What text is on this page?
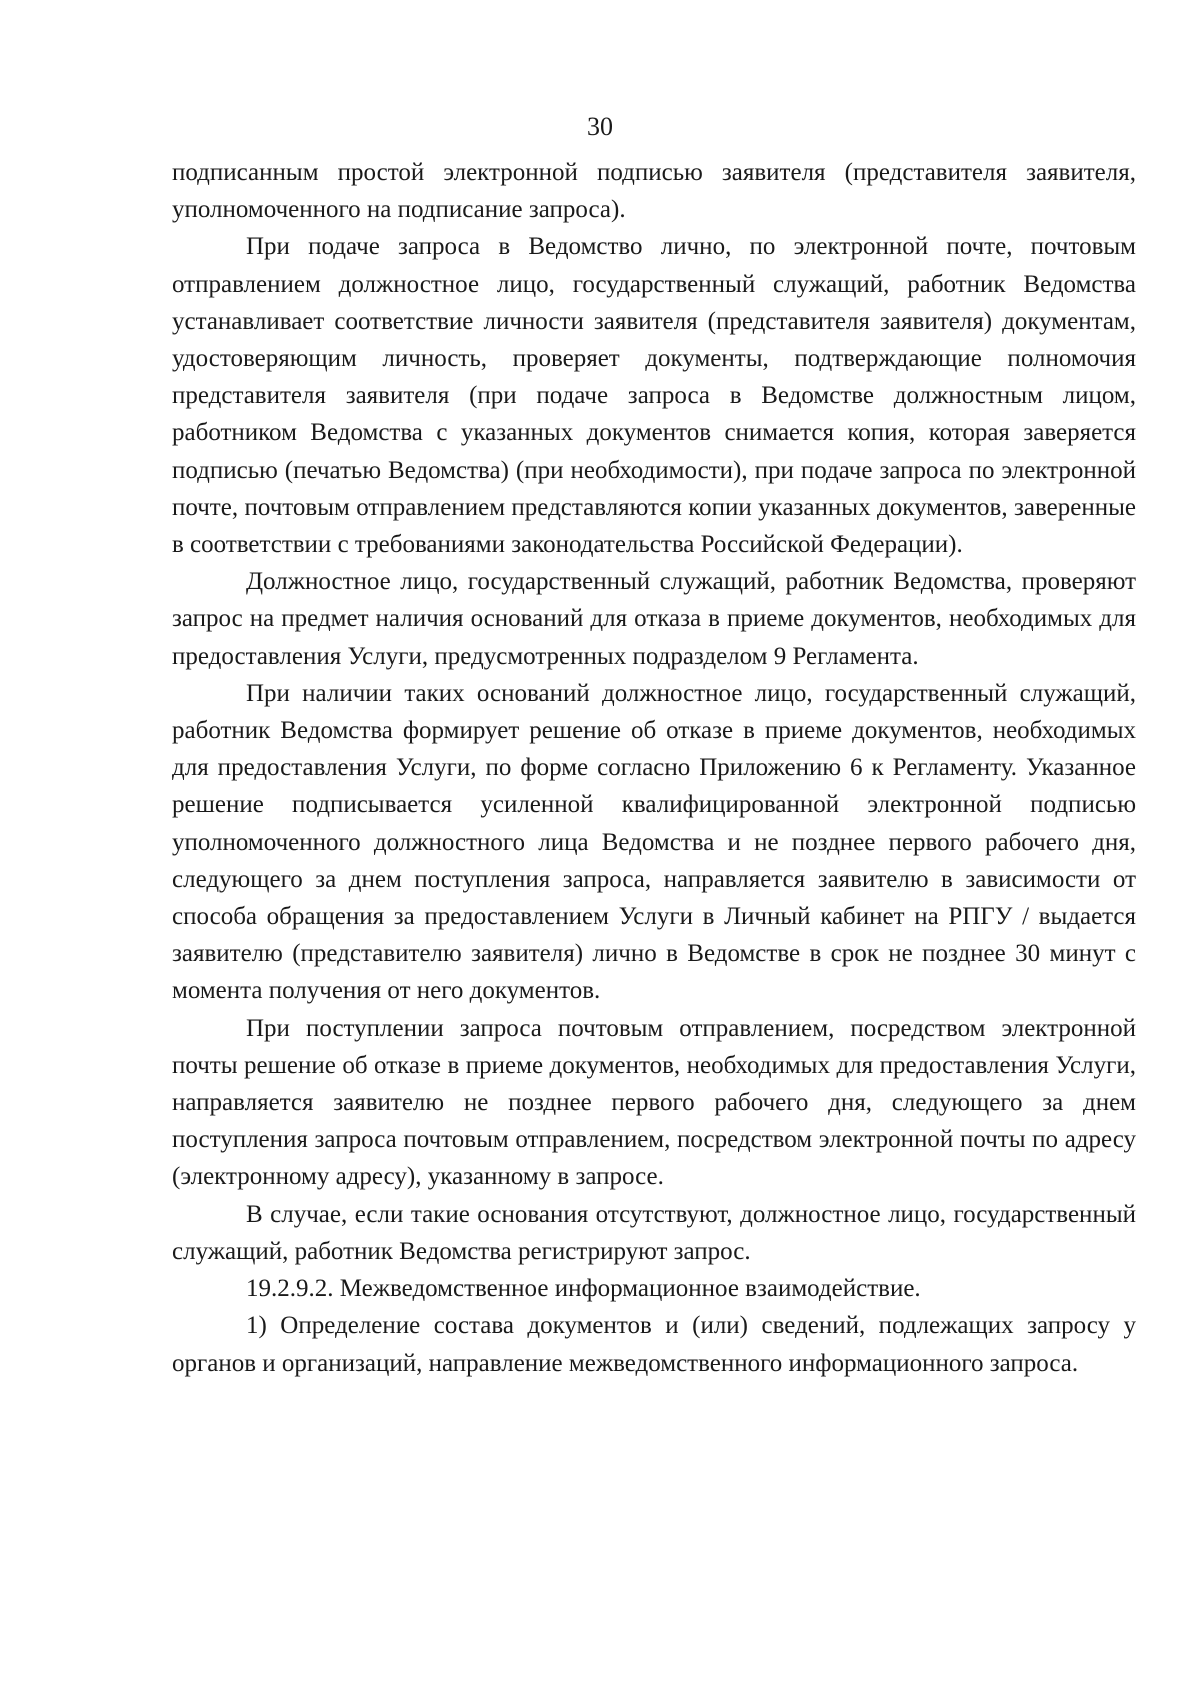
30

подписанным простой электронной подписью заявителя (представителя заявителя, уполномоченного на подписание запроса).

При подаче запроса в Ведомство лично, по электронной почте, почтовым отправлением должностное лицо, государственный служащий, работник Ведомства устанавливает соответствие личности заявителя (представителя заявителя) документам, удостоверяющим личность, проверяет документы, подтверждающие полномочия представителя заявителя (при подаче запроса в Ведомстве должностным лицом, работником Ведомства с указанных документов снимается копия, которая заверяется подписью (печатью Ведомства) (при необходимости), при подаче запроса по электронной почте, почтовым отправлением представляются копии указанных документов, заверенные в соответствии с требованиями законодательства Российской Федерации).

Должностное лицо, государственный служащий, работник Ведомства, проверяют запрос на предмет наличия оснований для отказа в приеме документов, необходимых для предоставления Услуги, предусмотренных подразделом 9 Регламента.

При наличии таких оснований должностное лицо, государственный служащий, работник Ведомства формирует решение об отказе в приеме документов, необходимых для предоставления Услуги, по форме согласно Приложению 6 к Регламенту. Указанное решение подписывается усиленной квалифицированной электронной подписью уполномоченного должностного лица Ведомства и не позднее первого рабочего дня, следующего за днем поступления запроса, направляется заявителю в зависимости от способа обращения за предоставлением Услуги в Личный кабинет на РПГУ / выдается заявителю (представителю заявителя) лично в Ведомстве в срок не позднее 30 минут с момента получения от него документов.

При поступлении запроса почтовым отправлением, посредством электронной почты решение об отказе в приеме документов, необходимых для предоставления Услуги, направляется заявителю не позднее первого рабочего дня, следующего за днем поступления запроса почтовым отправлением, посредством электронной почты по адресу (электронному адресу), указанному в запросе.

В случае, если такие основания отсутствуют, должностное лицо, государственный служащий, работник Ведомства регистрируют запрос.

19.2.9.2. Межведомственное информационное взаимодействие.

1) Определение состава документов и (или) сведений, подлежащих запросу у органов и организаций, направление межведомственного информационного запроса.
